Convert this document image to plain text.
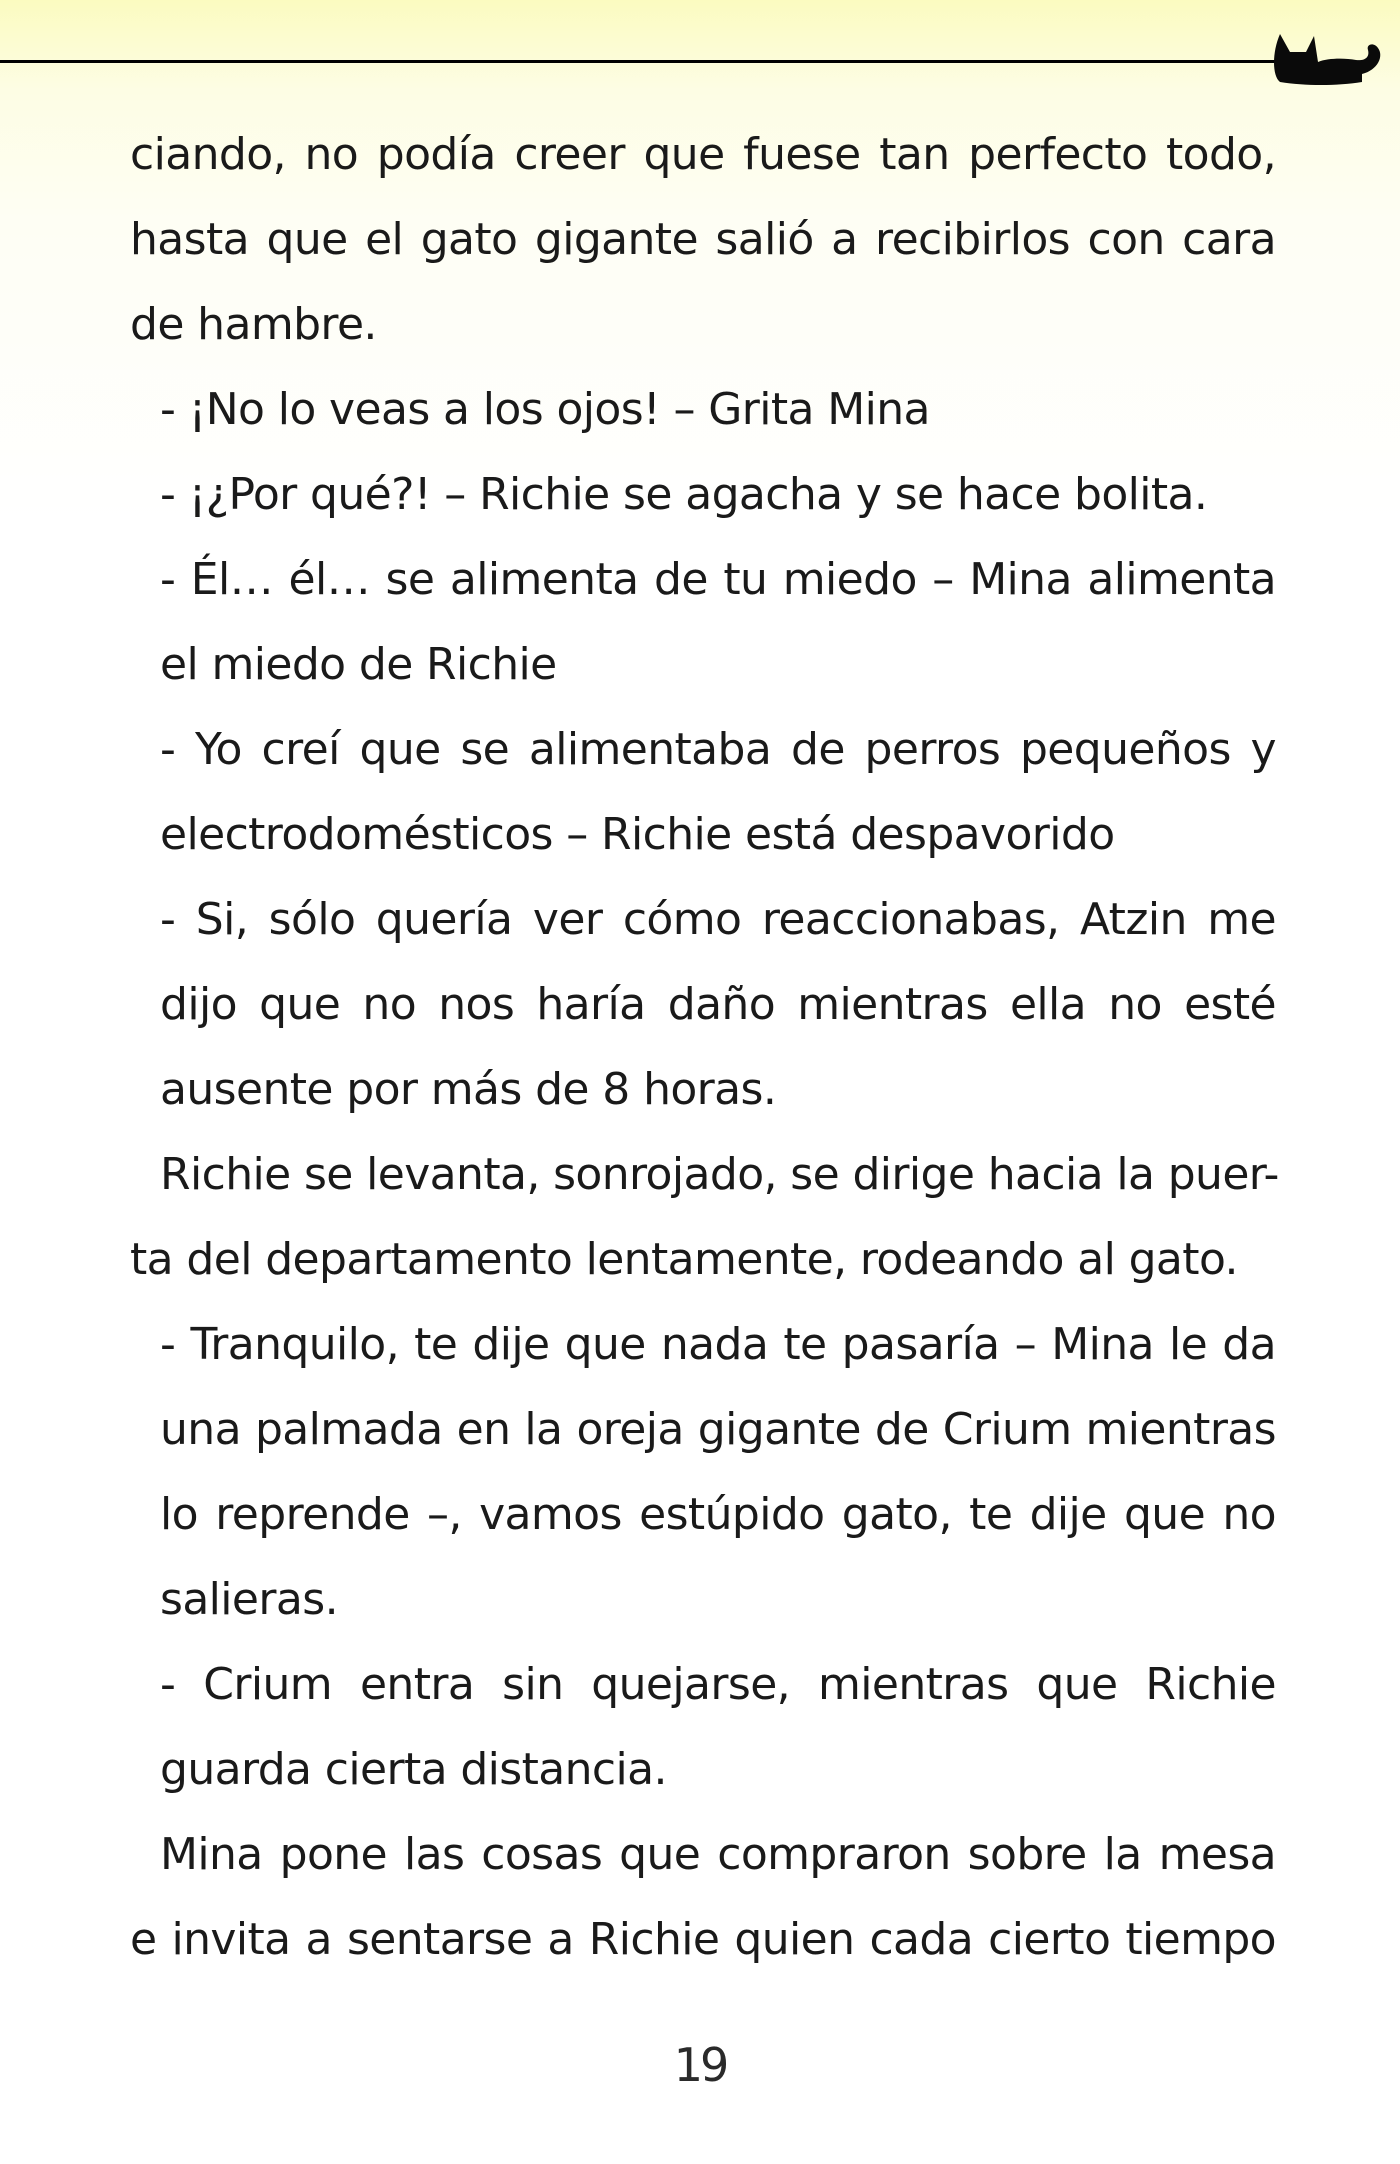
ciando, no podía creer que fuese tan perfecto todo,
hasta que el gato gigante salió a recibirlos con cara
de hambre.
- ¡No lo veas a los ojos! – Grita Mina
- ¡¿Por qué?! – Richie se agacha y se hace bolita.
- Él… él… se alimenta de tu miedo – Mina alimenta
el miedo de Richie
- Yo creí que se alimentaba de perros pequeños y
electrodomésticos – Richie está despavorido
- Si, sólo quería ver cómo reaccionabas, Atzin me
dijo que no nos haría daño mientras ella no esté
ausente por más de 8 horas.
Richie se levanta, sonrojado, se dirige hacia la puer-
ta del departamento lentamente, rodeando al gato.
- Tranquilo, te dije que nada te pasaría – Mina le da
una palmada en la oreja gigante de Crium mientras
lo reprende –, vamos estúpido gato, te dije que no
salieras.
- Crium entra sin quejarse, mientras que Richie
guarda cierta distancia.
Mina pone las cosas que compraron sobre la mesa
e invita a sentarse a Richie quien cada cierto tiempo
19
